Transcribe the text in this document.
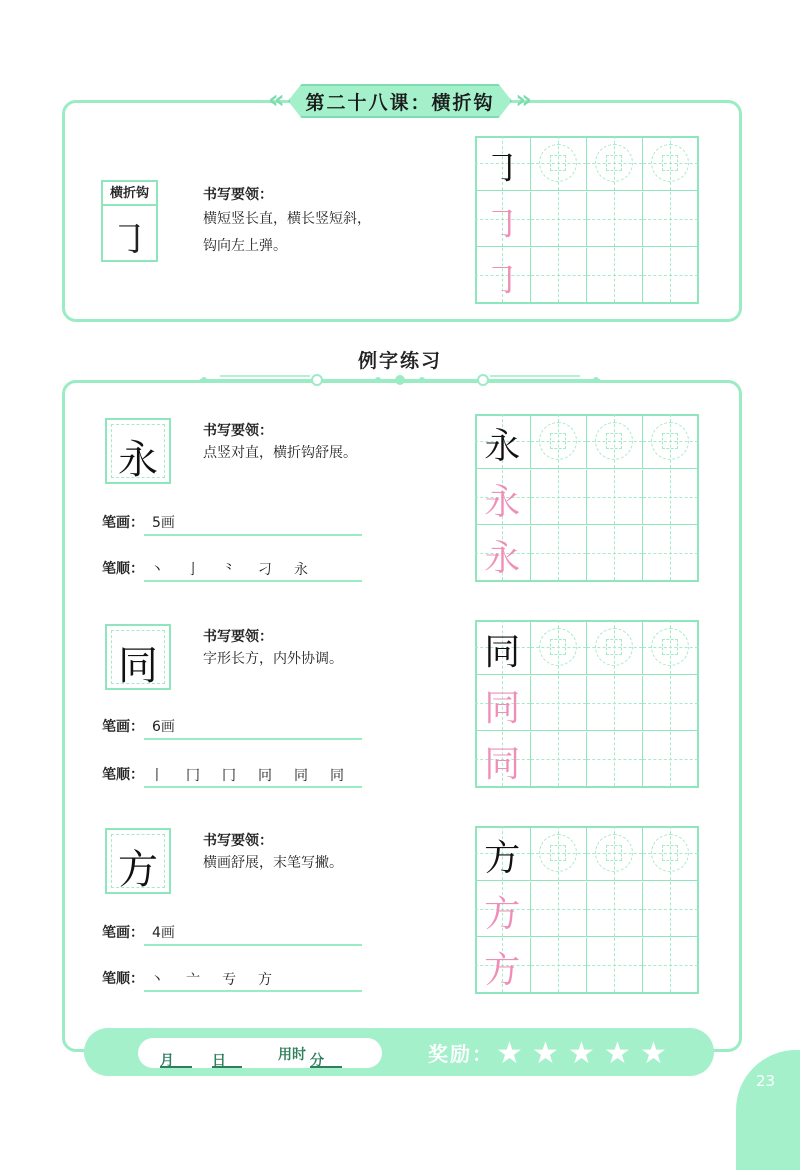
«	»
第二十八课：横折钩
横折钩
㇆
书写要领：
横短竖长直，横长竖短斜，
钩向左上弹。
㇆
㇆
㇆
例字练习
永
书写要领：
点竖对直，横折钩舒展。
笔画： 5画
笔顺： 丶 亅 ⺀ 刁 永
永
永
永
同
书写要领：
字形长方，内外协调。
笔画： 6画
笔顺： 丨 冂 冂 冋 同 同
同
同
同
方
书写要领：
横画舒展，末笔写撇。
笔画： 4画
笔顺： 丶 亠 亐 方
方
方
方

月
	日	用时
分	奖励： ★ ★ ★ ★ ★
23
